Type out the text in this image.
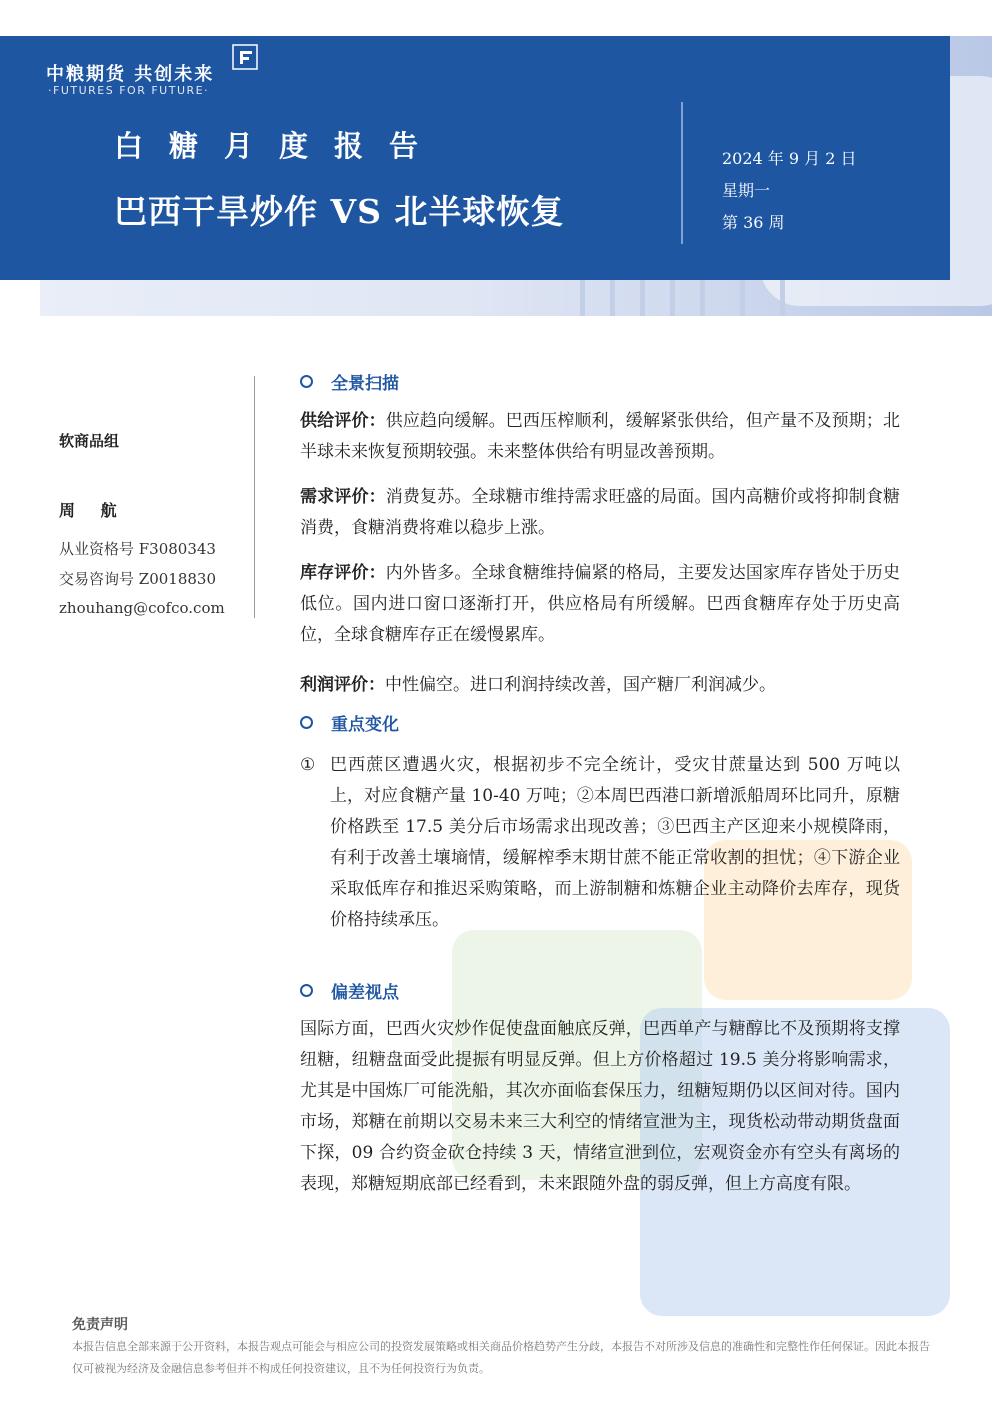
中粮期货 共创未来
·FUTURES FOR FUTURE·
白糖月度报告
巴西干旱炒作 VS 北半球恢复
2024 年 9 月 2 日
星期一
第 36 周
软商品组
周 航
从业资格号 F3080343
交易咨询号 Z0018830
zhouhang@cofco.com
全景扫描

供给评价：供应趋向缓解。巴西压榨顺利，缓解紧张供给，但产量不及预期；北半球未来恢复预期较强。未来整体供给有明显改善预期。

需求评价：消费复苏。全球糖市维持需求旺盛的局面。国内高糖价或将抑制食糖消费，食糖消费将难以稳步上涨。

库存评价：内外皆多。全球食糖维持偏紧的格局，主要发达国家库存皆处于历史低位。国内进口窗口逐渐打开，供应格局有所缓解。巴西食糖库存处于历史高位，全球食糖库存正在缓慢累库。

利润评价：中性偏空。进口利润持续改善，国产糖厂利润减少。

重点变化
① 巴西蔗区遭遇火灾，根据初步不完全统计，受灾甘蔗量达到 500 万吨以上，对应食糖产量 10-40 万吨；②本周巴西港口新增派船周环比同升，原糖价格跌至 17.5 美分后市场需求出现改善；③巴西主产区迎来小规模降雨，有利于改善土壤墒情，缓解榨季末期甘蔗不能正常收割的担忧；④下游企业采取低库存和推迟采购策略，而上游制糖和炼糖企业主动降价去库存，现货价格持续承压。

偏差视点

国际方面，巴西火灾炒作促使盘面触底反弹，巴西单产与糖醇比不及预期将支撑纽糖，纽糖盘面受此提振有明显反弹。但上方价格超过 19.5 美分将影响需求，尤其是中国炼厂可能洗船，其次亦面临套保压力，纽糖短期仍以区间对待。国内市场，郑糖在前期以交易未来三大利空的情绪宣泄为主，现货松动带动期货盘面下探，09 合约资金砍仓持续 3 天，情绪宣泄到位，宏观资金亦有空头有离场的表现，郑糖短期底部已经看到，未来跟随外盘的弱反弹，但上方高度有限。

免责声明

本报告信息全部来源于公开资料，本报告观点可能会与相应公司的投资发展策略或相关商品价格趋势产生分歧，本报告不对所涉及信息的准确性和完整性作任何保证。因此本报告仅可被视为经济及金融信息参考但并不构成任何投资建议，且不为任何投资行为负责。
